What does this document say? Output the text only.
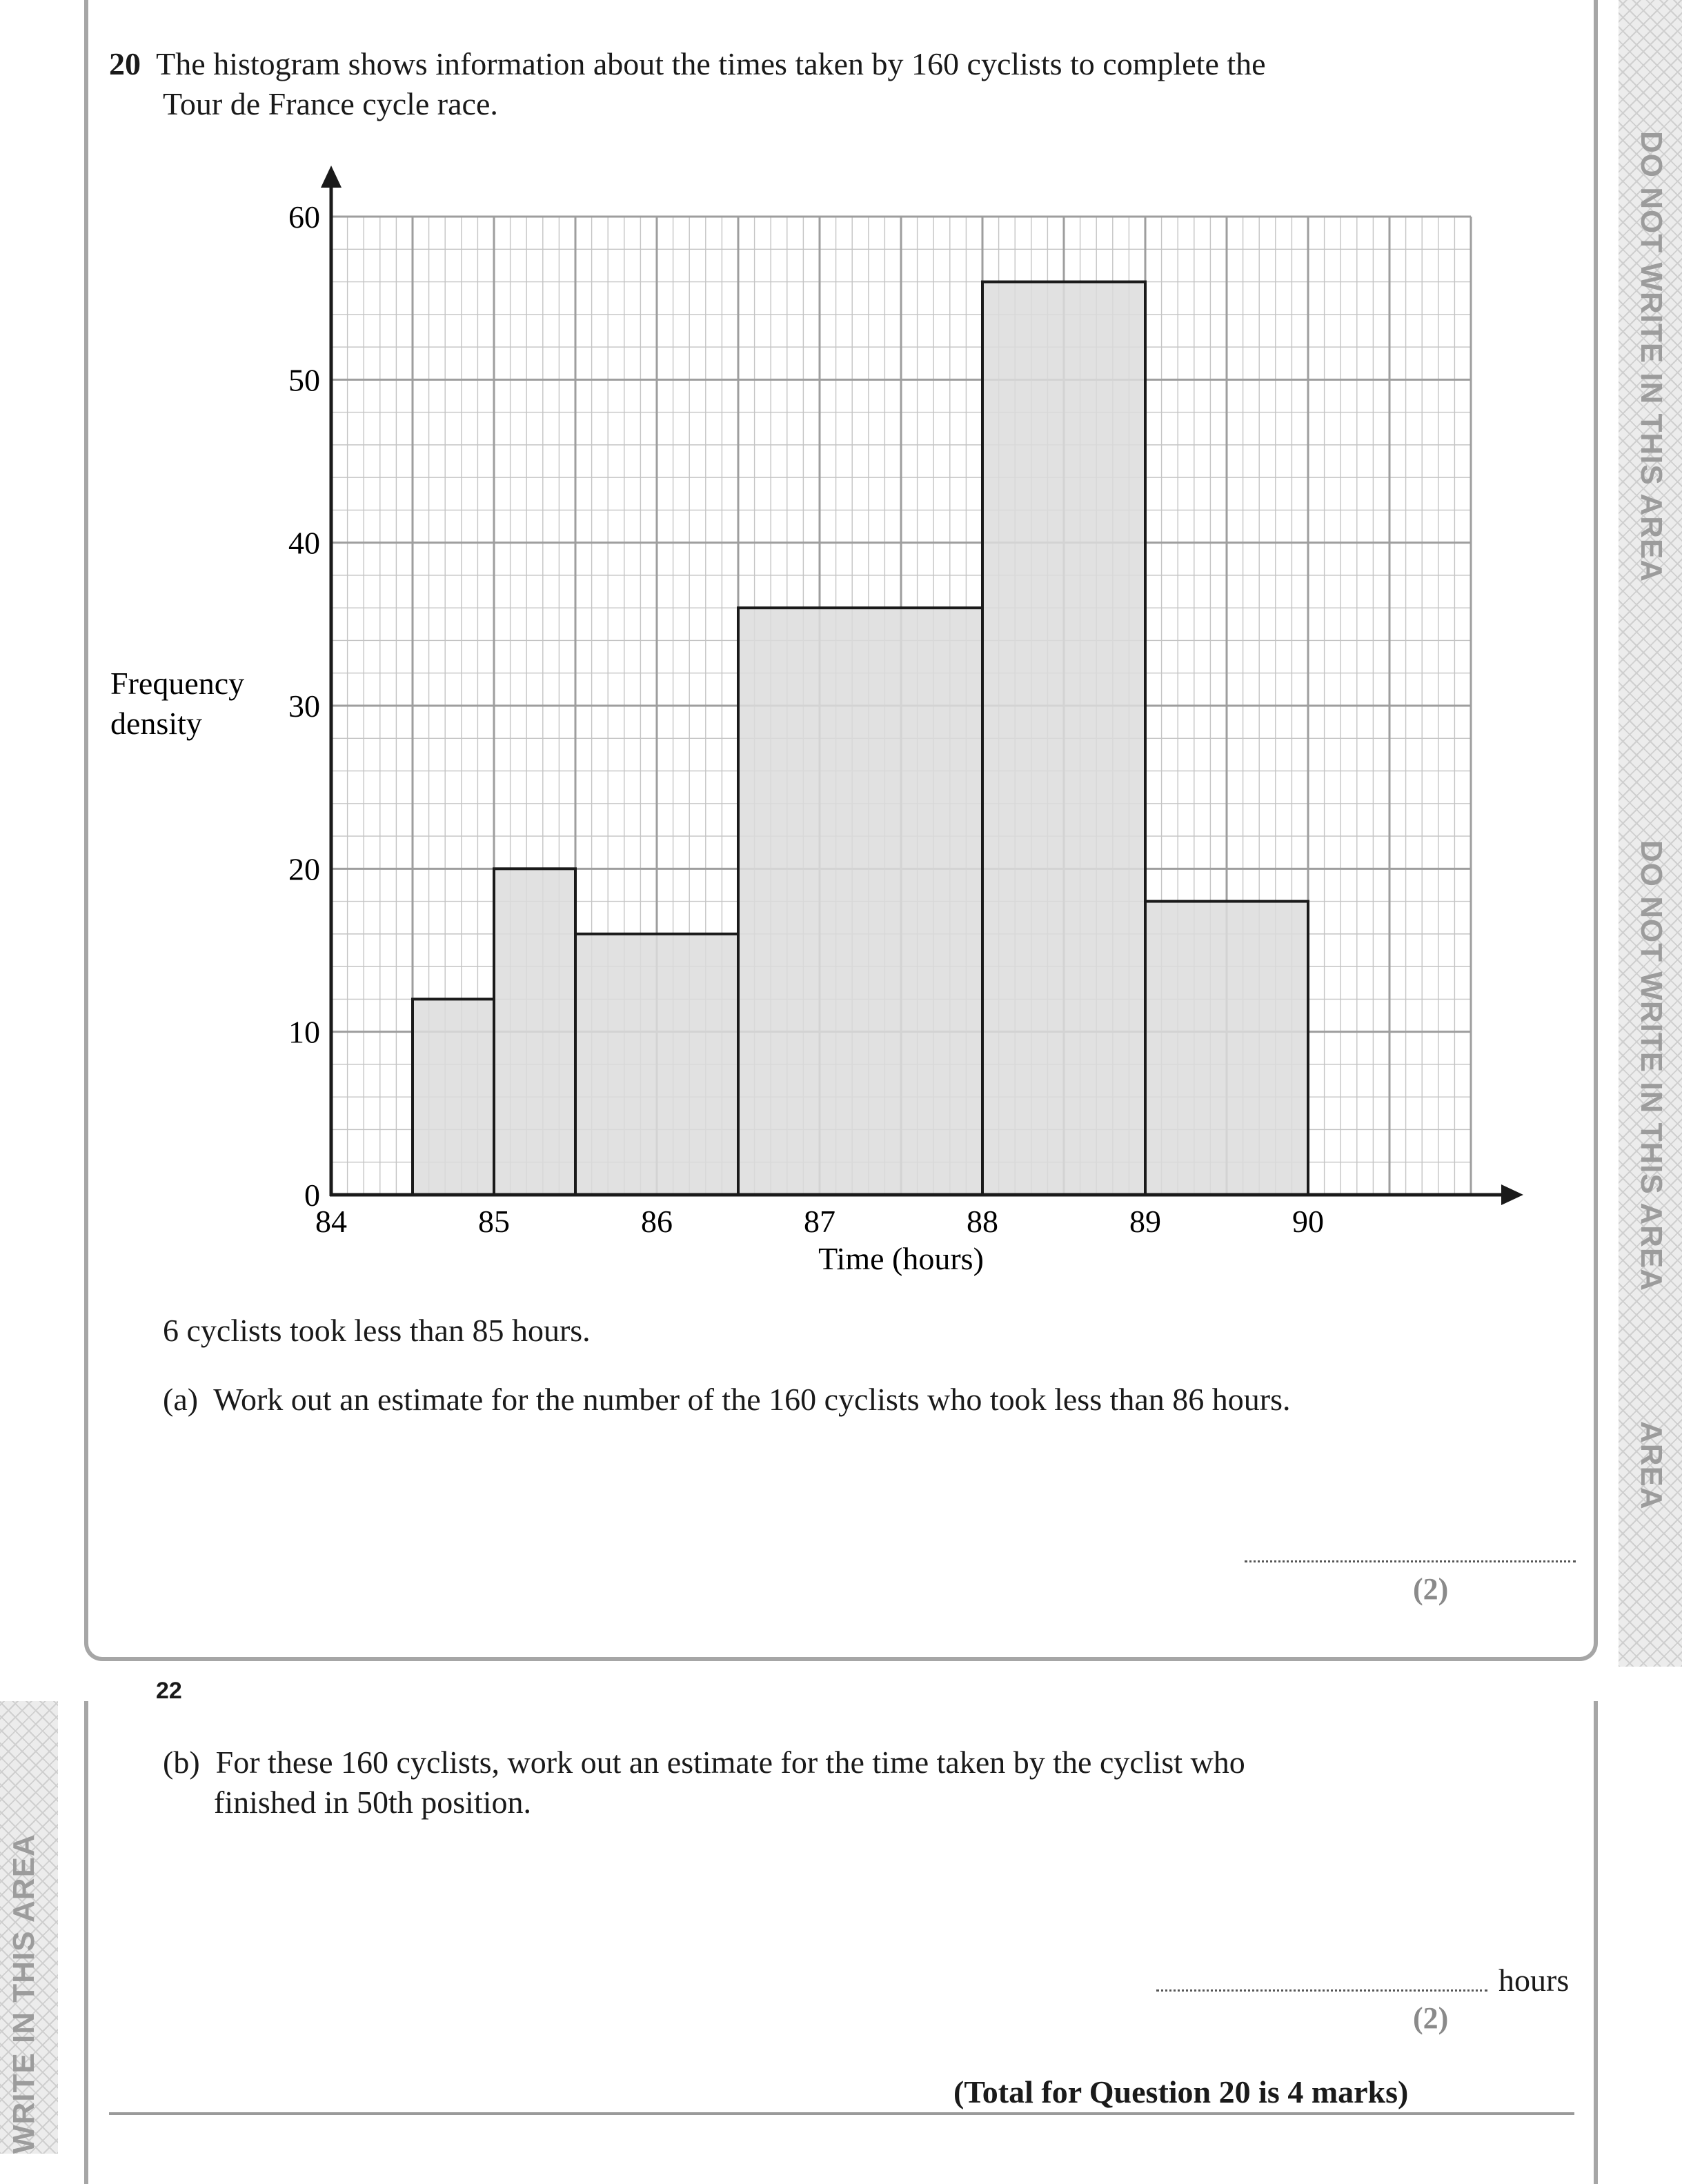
DO NOT WRITE IN THIS AREA
DO NOT WRITE IN THIS AREA
AREA
WRITE IN THIS AREA
20 The histogram shows information about the times taken by 160 cyclists to complete the
Tour de France cycle race.
0
10
20
30
40
50
60
84	85	86	87	88	89	90
Frequency
density
Time (hours)
6 cyclists took less than 85 hours.
(a) Work out an estimate for the number of the 160 cyclists who took less than 86 hours.
(2)
22
(b) For these 160 cyclists, work out an estimate for the time taken by the cyclist who
finished in 50th position.
hours
(2)
(Total for Question 20 is 4 marks)
